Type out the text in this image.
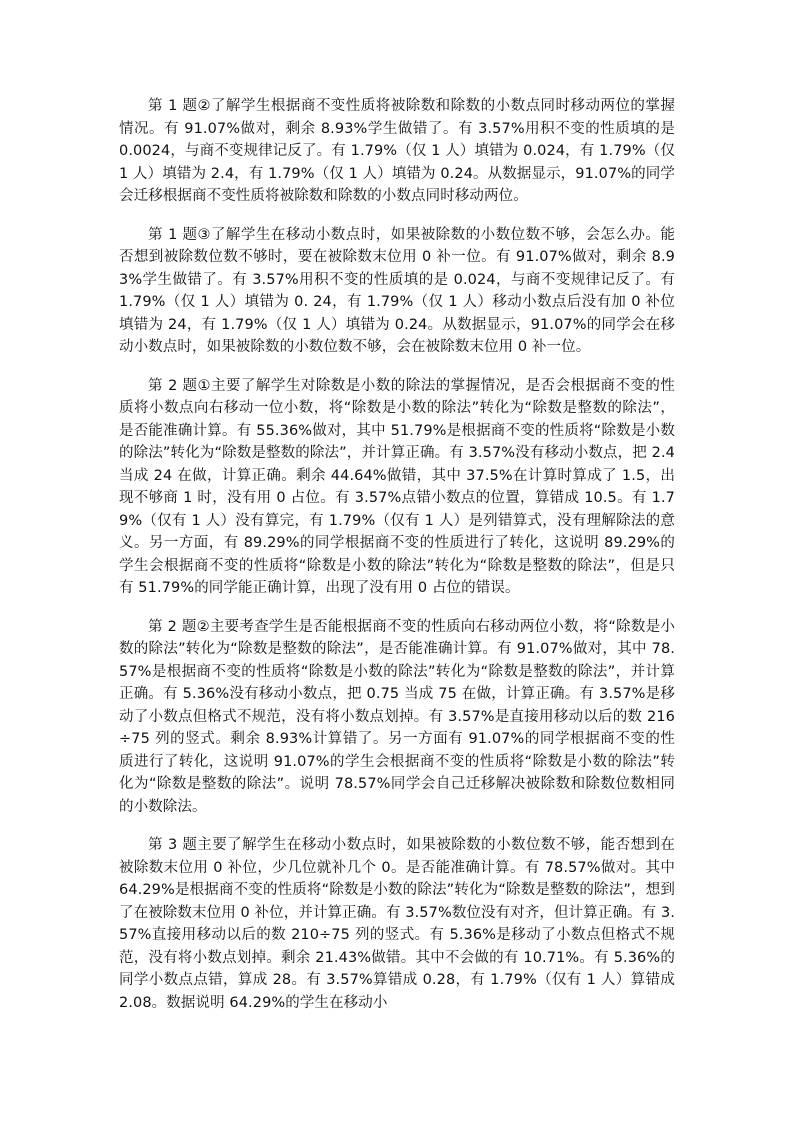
第 1 题②了解学生根据商不变性质将被除数和除数的小数点同时移动两位的掌握情况。有 91.07%做对，剩余 8.93%学生做错了。有 3.57%用积不变的性质填的是 0.0024，与商不变规律记反了。有 1.79%（仅 1 人）填错为 0.024，有 1.79%（仅 1 人）填错为 2.4，有 1.79%（仅 1 人）填错为 0.24。从数据显示，91.07%的同学会迁移根据商不变性质将被除数和除数的小数点同时移动两位。

第 1 题③了解学生在移动小数点时，如果被除数的小数位数不够，会怎么办。能否想到被除数位数不够时，要在被除数末位用 0 补一位。有 91.07%做对，剩余 8.93%学生做错了。有 3.57%用积不变的性质填的是 0.024，与商不变规律记反了。有 1.79%（仅 1 人）填错为 0. 24，有 1.79%（仅 1 人）移动小数点后没有加 0 补位填错为 24，有 1.79%（仅 1 人）填错为 0.24。从数据显示，91.07%的同学会在移动小数点时，如果被除数的小数位数不够，会在被除数末位用 0 补一位。

第 2 题①主要了解学生对除数是小数的除法的掌握情况，是否会根据商不变的性质将小数点向右移动一位小数，将“除数是小数的除法”转化为“除数是整数的除法”，是否能准确计算。有 55.36%做对，其中 51.79%是根据商不变的性质将“除数是小数的除法”转化为“除数是整数的除法”，并计算正确。有 3.57%没有移动小数点，把 2.4 当成 24 在做，计算正确。剩余 44.64%做错，其中 37.5%在计算时算成了 1.5，出现不够商 1 时，没有用 0 占位。有 3.57%点错小数点的位置，算错成 10.5。有 1.79%（仅有 1 人）没有算完，有 1.79%（仅有 1 人）是列错算式，没有理解除法的意义。另一方面，有 89.29%的同学根据商不变的性质进行了转化，这说明 89.29%的学生会根据商不变的性质将“除数是小数的除法”转化为“除数是整数的除法”，但是只有 51.79%的同学能正确计算，出现了没有用 0 占位的错误。

第 2 题②主要考查学生是否能根据商不变的性质向右移动两位小数，将“除数是小数的除法”转化为“除数是整数的除法”，是否能准确计算。有 91.07%做对，其中 78.57%是根据商不变的性质将“除数是小数的除法”转化为“除数是整数的除法”，并计算正确。有 5.36%没有移动小数点，把 0.75 当成 75 在做，计算正确。有 3.57%是移动了小数点但格式不规范，没有将小数点划掉。有 3.57%是直接用移动以后的数 216÷75 列的竖式。剩余 8.93%计算错了。另一方面有 91.07%的同学根据商不变的性质进行了转化，这说明 91.07%的学生会根据商不变的性质将“除数是小数的除法”转化为“除数是整数的除法”。说明 78.57%同学会自己迁移解决被除数和除数位数相同的小数除法。

第 3 题主要了解学生在移动小数点时，如果被除数的小数位数不够，能否想到在被除数末位用 0 补位，少几位就补几个 0。是否能准确计算。有 78.57%做对。其中 64.29%是根据商不变的性质将“除数是小数的除法”转化为“除数是整数的除法”，想到了在被除数末位用 0 补位，并计算正确。有 3.57%数位没有对齐，但计算正确。有 3.57%直接用移动以后的数 210÷75 列的竖式。有 5.36%是移动了小数点但格式不规范，没有将小数点划掉。剩余 21.43%做错。其中不会做的有 10.71%。有 5.36%的同学小数点点错，算成 28。有 3.57%算错成 0.28，有 1.79%（仅有 1 人）算错成 2.08。数据说明 64.29%的学生在移动小
